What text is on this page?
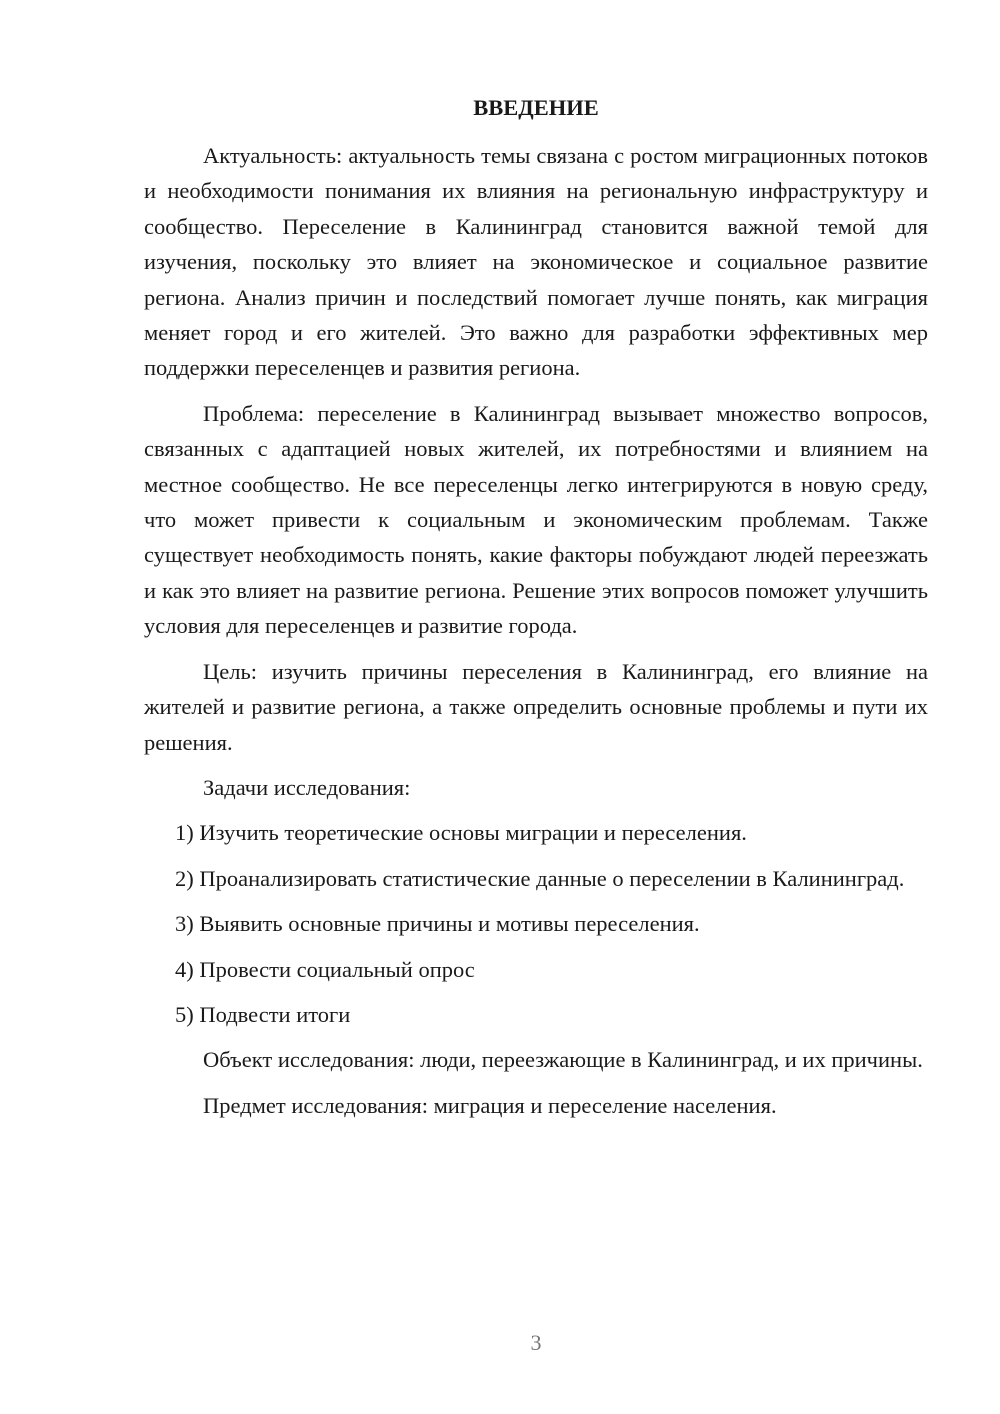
ВВЕДЕНИЕ

Актуальность: актуальность темы связана с ростом миграционных потоков и необходимости понимания их влияния на региональную инфраструктуру и сообщество. Переселение в Калининград становится важной темой для изучения, поскольку это влияет на экономическое и социальное развитие региона. Анализ причин и последствий помогает лучше понять, как миграция меняет город и его жителей. Это важно для разработки эффективных мер поддержки переселенцев и развития региона.

Проблема: переселение в Калининград вызывает множество вопросов, связанных с адаптацией новых жителей, их потребностями и влиянием на местное сообщество. Не все переселенцы легко интегрируются в новую среду, что может привести к социальным и экономическим проблемам. Также существует необходимость понять, какие факторы побуждают людей переезжать и как это влияет на развитие региона. Решение этих вопросов поможет улучшить условия для переселенцев и развитие города.

Цель: изучить причины переселения в Калининград, его влияние на жителей и развитие региона, а также определить основные проблемы и пути их решения.

Задачи исследования:

1) Изучить теоретические основы миграции и переселения.

2) Проанализировать статистические данные о переселении в Калининград.

3) Выявить основные причины и мотивы переселения.

4) Провести социальный опрос

5) Подвести итоги

Объект исследования: люди, переезжающие в Калининград, и их причины.

Предмет исследования: миграция и переселение населения.

3
